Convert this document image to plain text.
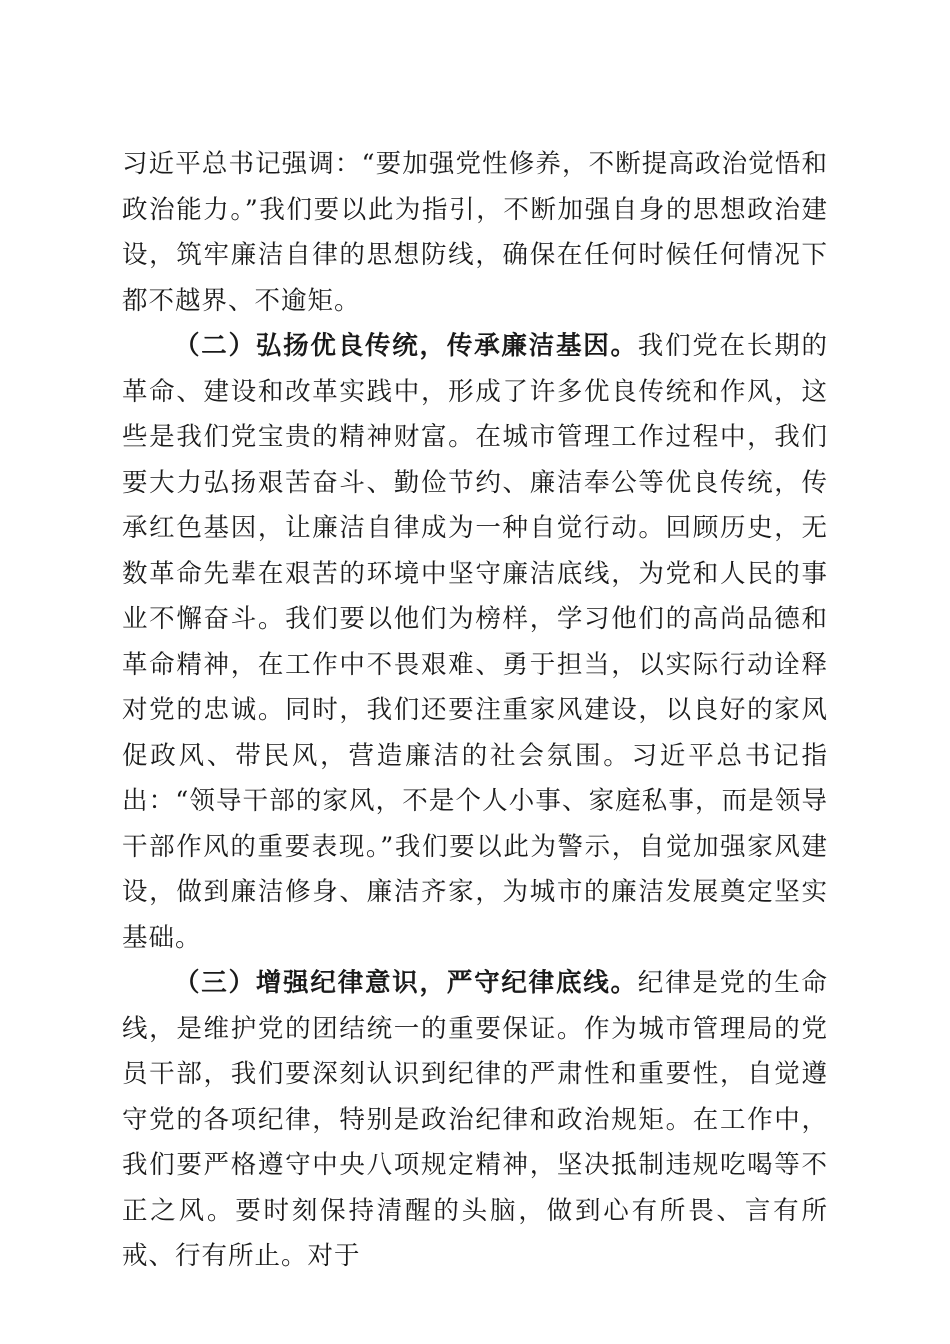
习近平总书记强调：“要加强党性修养，不断提高政治觉悟和政治能力。”我们要以此为指引，不断加强自身的思想政治建设，筑牢廉洁自律的思想防线，确保在任何时候任何情况下都不越界、不逾矩。

（二）弘扬优良传统，传承廉洁基因。我们党在长期的革命、建设和改革实践中，形成了许多优良传统和作风，这些是我们党宝贵的精神财富。在城市管理工作过程中，我们要大力弘扬艰苦奋斗、勤俭节约、廉洁奉公等优良传统，传承红色基因，让廉洁自律成为一种自觉行动。回顾历史，无数革命先辈在艰苦的环境中坚守廉洁底线，为党和人民的事业不懈奋斗。我们要以他们为榜样，学习他们的高尚品德和革命精神，在工作中不畏艰难、勇于担当，以实际行动诠释对党的忠诚。同时，我们还要注重家风建设，以良好的家风促政风、带民风，营造廉洁的社会氛围。习近平总书记指出：“领导干部的家风，不是个人小事、家庭私事，而是领导干部作风的重要表现。”我们要以此为警示，自觉加强家风建设，做到廉洁修身、廉洁齐家，为城市的廉洁发展奠定坚实基础。

（三）增强纪律意识，严守纪律底线。纪律是党的生命线，是维护党的团结统一的重要保证。作为城市管理局的党员干部，我们要深刻认识到纪律的严肃性和重要性，自觉遵守党的各项纪律，特别是政治纪律和政治规矩。在工作中，我们要严格遵守中央八项规定精神，坚决抵制违规吃喝等不正之风。要时刻保持清醒的头脑，做到心有所畏、言有所戒、行有所止。对于
